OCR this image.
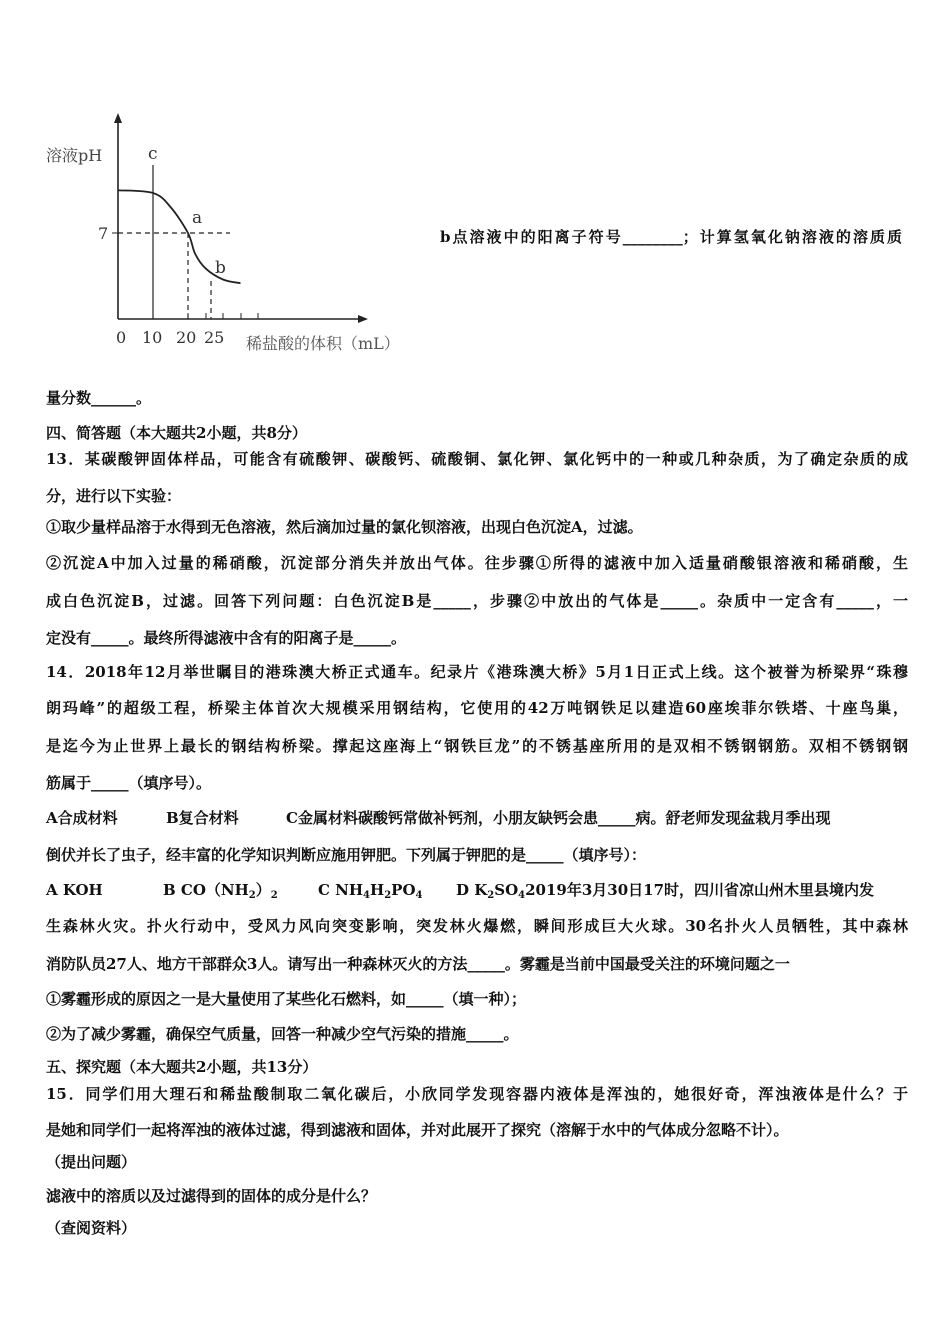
溶液pH
7
c
a
b
0 10 20 25 稀盐酸的体积（mL）
b点溶液中的阳离子符号________；计算氢氧化钠溶液的溶质质
量分数______。
四、简答题（本大题共2小题，共8分）
13．某碳酸钾固体样品，可能含有硫酸钾、碳酸钙、硫酸铜、氯化钾、氯化钙中的一种或几种杂质，为了确定杂质的成
分，进行以下实验：
①取少量样品溶于水得到无色溶液，然后滴加过量的氯化钡溶液，出现白色沉淀A，过滤。
②沉淀A中加入过量的稀硝酸，沉淀部分消失并放出气体。往步骤①所得的滤液中加入适量硝酸银溶液和稀硝酸，生
成白色沉淀B，过滤。回答下列问题：白色沉淀B是_____，步骤②中放出的气体是_____。杂质中一定含有_____，一
定没有_____。最终所得滤液中含有的阳离子是_____。
14．2018年12月举世瞩目的港珠澳大桥正式通车。纪录片《港珠澳大桥》5月1日正式上线。这个被誉为桥梁界“珠穆
朗玛峰”的超级工程，桥梁主体首次大规模采用钢结构，它使用的42万吨钢铁足以建造60座埃菲尔铁塔、十座鸟巢，
是迄今为止世界上最长的钢结构桥梁。撑起这座海上“钢铁巨龙”的不锈基座所用的是双相不锈钢钢筋。双相不锈钢钢
筋属于_____（填序号）。
A合成材料	B复合材料	C金属材料碳酸钙常做补钙剂，小朋友缺钙会患_____病。舒老师发现盆栽月季出现
倒伏并长了虫子，经丰富的化学知识判断应施用钾肥。下列属于钾肥的是_____（填序号）：
A KOH	B $CO(NH_2)_2$	C $NH_4H_2PO_4$ D $K_2SO_42019$年3月30日17时，四川省凉山州木里县境内发
生森林火灾。扑火行动中，受风力风向突变影响，突发林火爆燃，瞬间形成巨大火球。30名扑火人员牺牲，其中森林
消防队员27人、地方干部群众3人。请写出一种森林灭火的方法_____。雾霾是当前中国最受关注的环境问题之一
①雾霾形成的原因之一是大量使用了某些化石燃料，如_____（填一种）；
②为了减少雾霾，确保空气质量，回答一种减少空气污染的措施_____。
五、探究题（本大题共2小题，共13分）
15．同学们用大理石和稀盐酸制取二氧化碳后，小欣同学发现容器内液体是浑浊的，她很好奇，浑浊液体是什么？于
是她和同学们一起将浑浊的液体过滤，得到滤液和固体，并对此展开了探究（溶解于水中的气体成分忽略不计）。
（提出问题）
滤液中的溶质以及过滤得到的固体的成分是什么？
（查阅资料）
